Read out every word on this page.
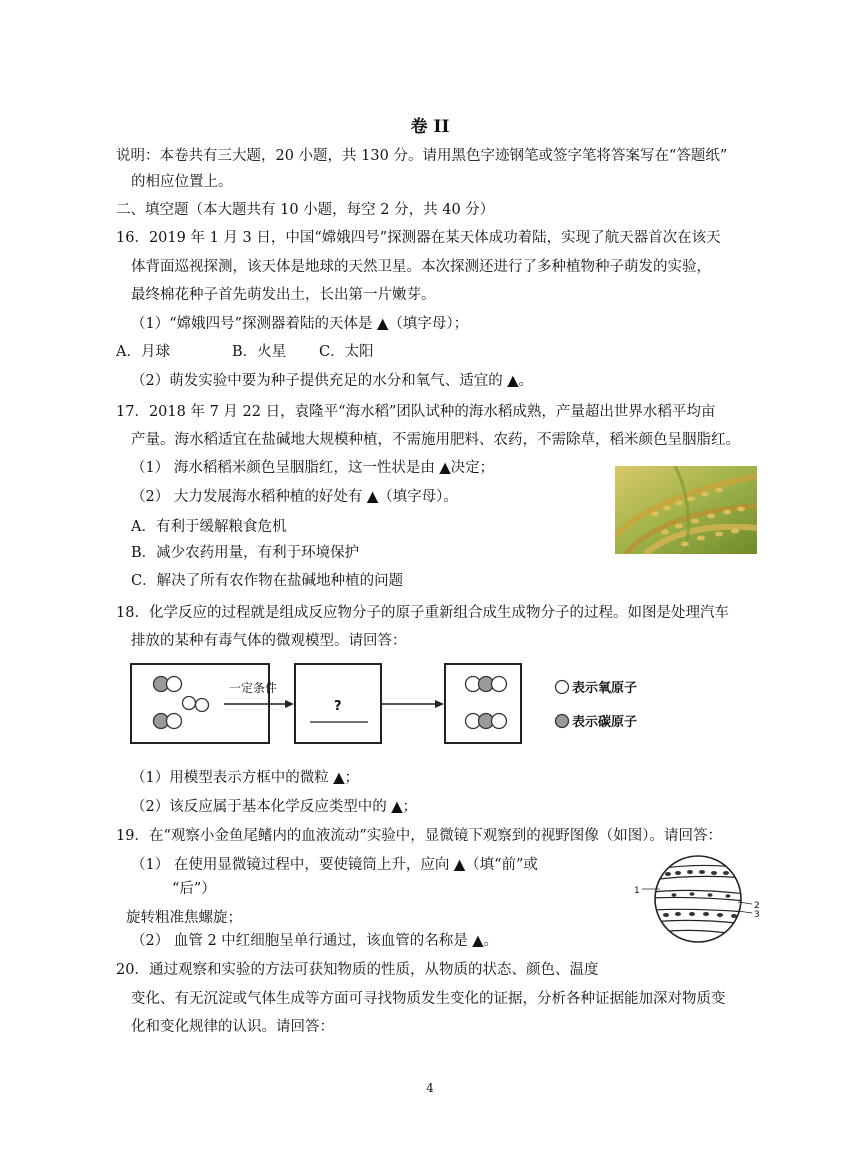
卷 II
说明：本卷共有三大题，20 小题，共 130 分。请用黑色字迹钢笔或签字笔将答案写在“答题纸”
的相应位置上。
二、填空题（本大题共有 10 小题，每空 2 分，共 40 分）
16．2019 年 1 月 3 日，中国“嫦娥四号”探测器在某天体成功着陆，实现了航天器首次在该天
体背面巡视探测，该天体是地球的天然卫星。本次探测还进行了多种植物种子萌发的实验，
最终棉花种子首先萌发出土，长出第一片嫩芽。
（1）“嫦娥四号”探测器着陆的天体是 ▲（填字母）；
A．月球	B．火星 C．太阳
（2）萌发实验中要为种子提供充足的水分和氧气、适宜的 ▲。
17．2018 年 7 月 22 日，袁隆平“海水稻”团队试种的海水稻成熟，产量超出世界水稻平均亩
产量。海水稻适宜在盐碱地大规模种植，不需施用肥料、农药，不需除草，稻米颜色呈胭脂红。
（1） 海水稻稻米颜色呈胭脂红，这一性状是由 ▲决定；
（2） 大力发展海水稻种植的好处有 ▲（填字母）。
A．有利于缓解粮食危机
B．减少农药用量，有利于环境保护
C．解决了所有农作物在盐碱地种植的问题
18．化学反应的过程就是组成反应物分子的原子重新组合成生成物分子的过程。如图是处理汽车
排放的某种有毒气体的微观模型。请回答：
一定条件
?
表示氧原子
表示碳原子
（1）用模型表示方框中的微粒 ▲；
（2）该反应属于基本化学反应类型中的 ▲；
19．在“观察小金鱼尾鳍内的血液流动”实验中，显微镜下观察到的视野图像（如图）。请回答：
（1） 在使用显微镜过程中，要使镜筒上升，应向 ▲（填“前”或
“后”）
旋转粗准焦螺旋；
（2） 血管 2 中红细胞呈单行通过，该血管的名称是 ▲。
1
2
3
20．通过观察和实验的方法可获知物质的性质，从物质的状态、颜色、温度
变化、有无沉淀或气体生成等方面可寻找物质发生变化的证据，分析各种证据能加深对物质变
化和变化规律的认识。请回答：
4
